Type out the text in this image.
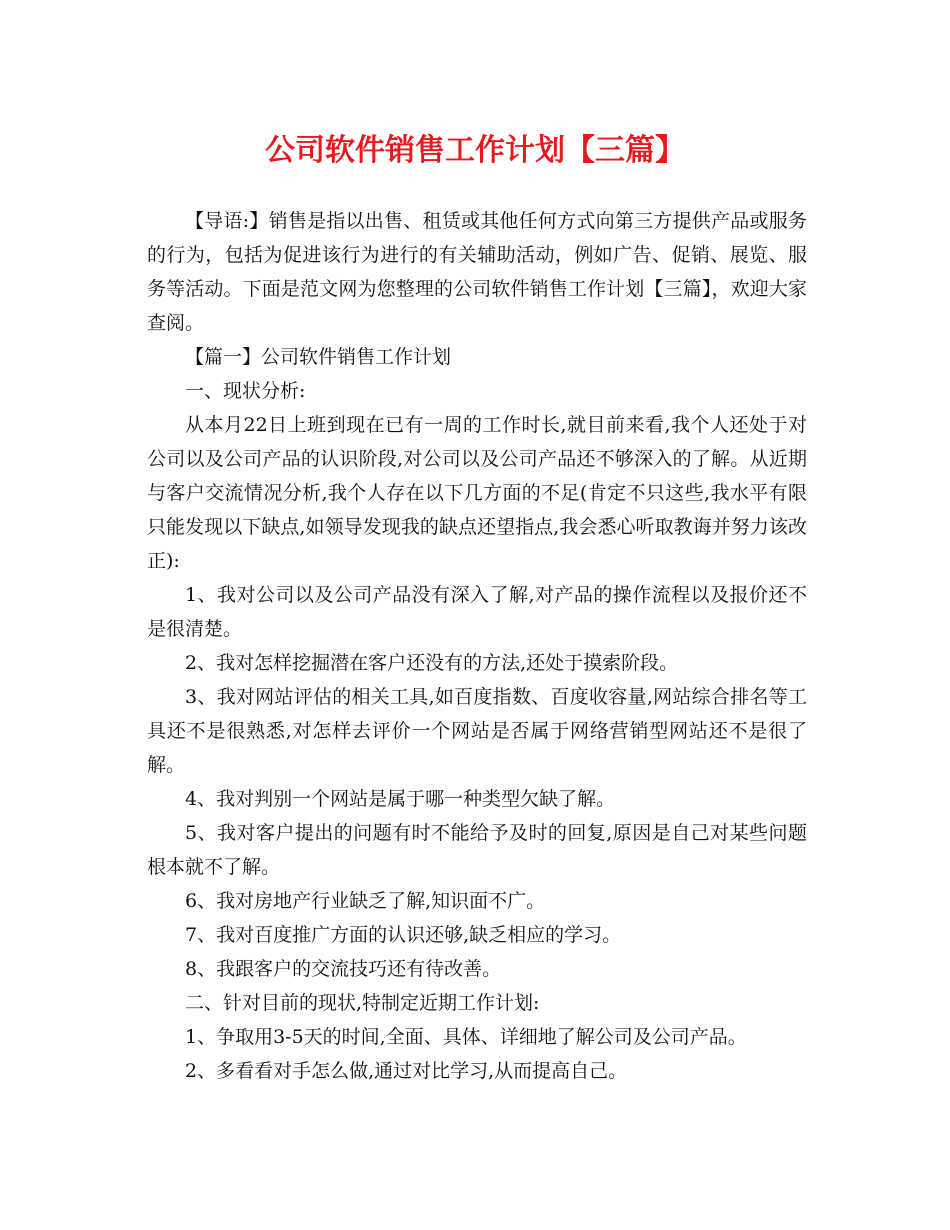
公司软件销售工作计划【三篇】

【导语:】销售是指以出售、租赁或其他任何方式向第三方提供产品或服务的行为，包括为促进该行为进行的有关辅助活动，例如广告、促销、展览、服务等活动。下面是范文网为您整理的公司软件销售工作计划【三篇】，欢迎大家查阅。

【篇一】公司软件销售工作计划

一、现状分析:

从本月22日上班到现在已有一周的工作时长,就目前来看,我个人还处于对公司以及公司产品的认识阶段,对公司以及公司产品还不够深入的了解。从近期与客户交流情况分析,我个人存在以下几方面的不足(肯定不只这些,我水平有限只能发现以下缺点,如领导发现我的缺点还望指点,我会悉心听取教诲并努力该改正):

1、我对公司以及公司产品没有深入了解,对产品的操作流程以及报价还不是很清楚。

2、我对怎样挖掘潜在客户还没有的方法,还处于摸索阶段。

3、我对网站评估的相关工具,如百度指数、百度收容量,网站综合排名等工具还不是很熟悉,对怎样去评价一个网站是否属于网络营销型网站还不是很了解。

4、我对判别一个网站是属于哪一种类型欠缺了解。

5、我对客户提出的问题有时不能给予及时的回复,原因是自己对某些问题根本就不了解。

6、我对房地产行业缺乏了解,知识面不广。

7、我对百度推广方面的认识还够,缺乏相应的学习。

8、我跟客户的交流技巧还有待改善。

二、针对目前的现状,特制定近期工作计划:

1、争取用3-5天的时间,全面、具体、详细地了解公司及公司产品。

2、多看看对手怎么做,通过对比学习,从而提高自己。
